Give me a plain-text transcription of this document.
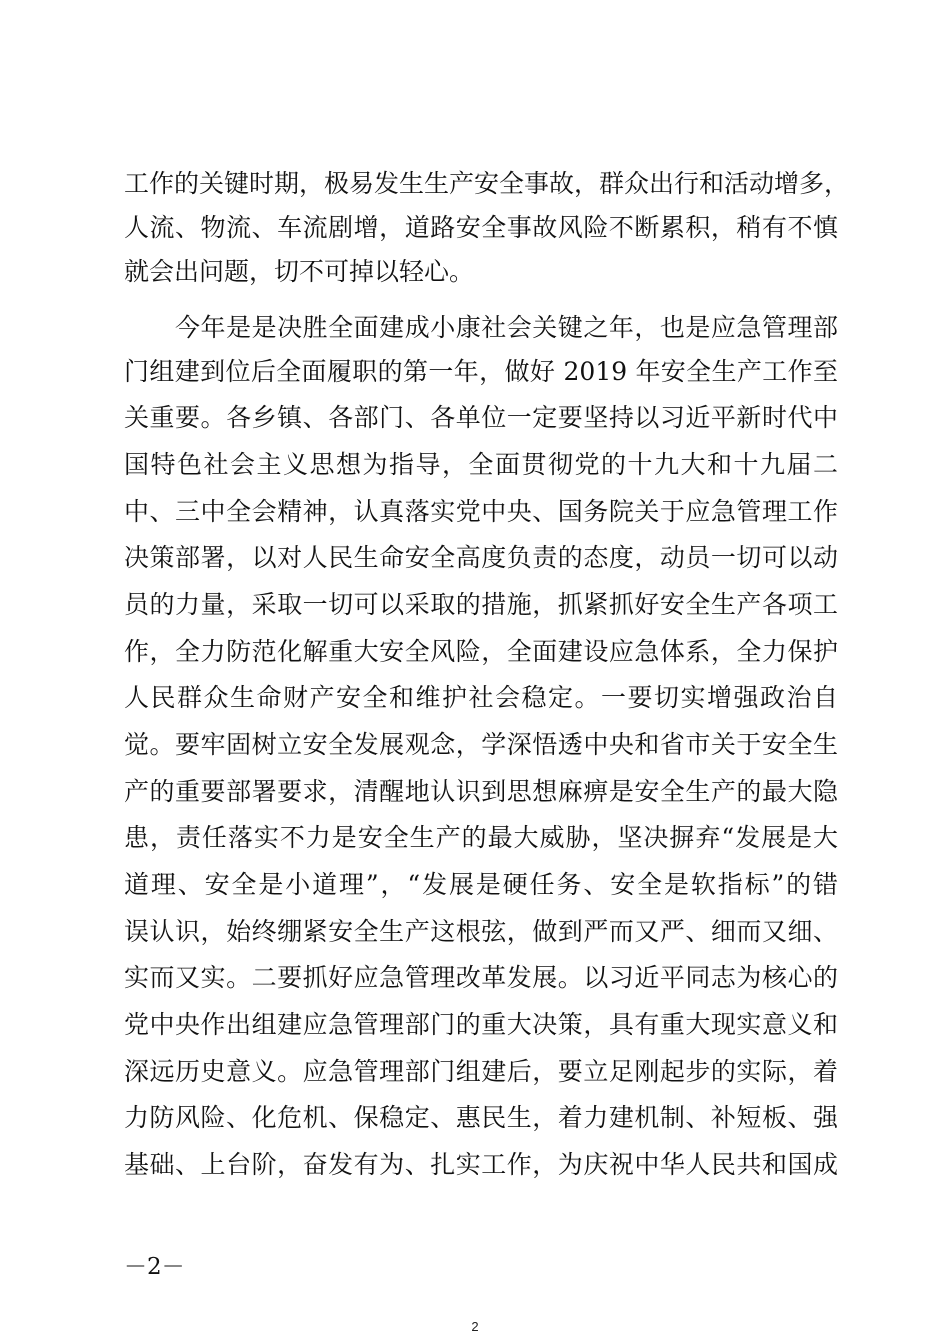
工作的关键时期，极易发生生产安全事故，群众出行和活动增多，
人流、物流、车流剧增，道路安全事故风险不断累积，稍有不慎
就会出问题，切不可掉以轻心。
　　今年是是决胜全面建成小康社会关键之年，也是应急管理部
门组建到位后全面履职的第一年，做好 2019 年安全生产工作至
关重要。各乡镇、各部门、各单位一定要坚持以习近平新时代中
国特色社会主义思想为指导，全面贯彻党的十九大和十九届二
中、三中全会精神，认真落实党中央、国务院关于应急管理工作
决策部署，以对人民生命安全高度负责的态度，动员一切可以动
员的力量，采取一切可以采取的措施，抓紧抓好安全生产各项工
作，全力防范化解重大安全风险，全面建设应急体系，全力保护
人民群众生命财产安全和维护社会稳定。一要切实增强政治自
觉。要牢固树立安全发展观念，学深悟透中央和省市关于安全生
产的重要部署要求，清醒地认识到思想麻痹是安全生产的最大隐
患，责任落实不力是安全生产的最大威胁，坚决摒弃“发展是大
道理、安全是小道理”，“发展是硬任务、安全是软指标”的错
误认识，始终绷紧安全生产这根弦，做到严而又严、细而又细、
实而又实。二要抓好应急管理改革发展。以习近平同志为核心的
党中央作出组建应急管理部门的重大决策，具有重大现实意义和
深远历史意义。应急管理部门组建后，要立足刚起步的实际，着
力防风险、化危机、保稳定、惠民生，着力建机制、补短板、强
基础、上台阶，奋发有为、扎实工作，为庆祝中华人民共和国成
－2－
2
